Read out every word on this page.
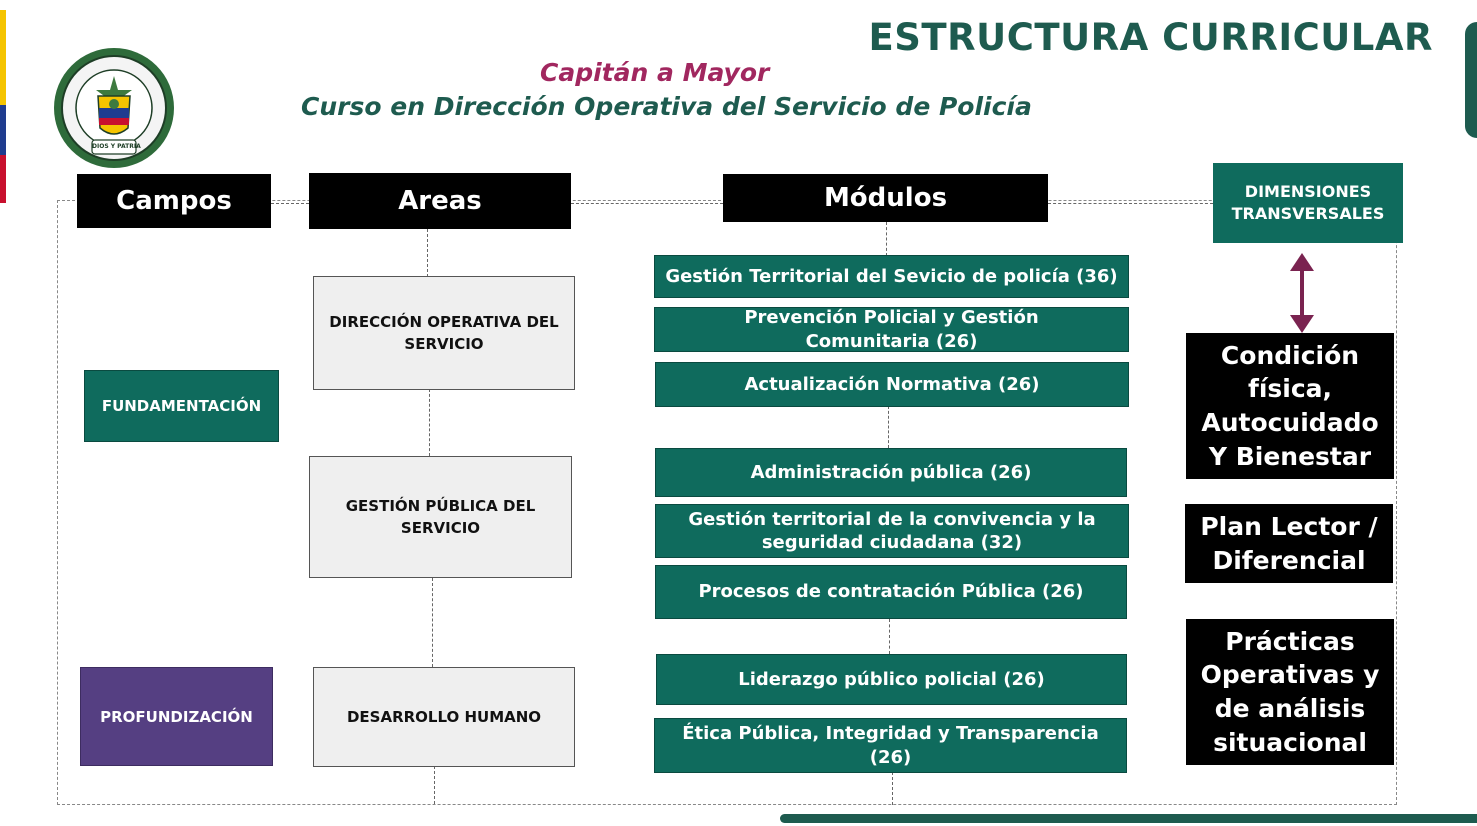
DIOS Y PATRIA
ESTRUCTURA CURRICULAR
Capitán a Mayor
Curso en Dirección Operativa del Servicio de Policía
Campos	Areas	Módulos	DIMENSIONES TRANSVERSALES
FUNDAMENTACIÓN
PROFUNDIZACIÓN
DIRECCIÓN OPERATIVA DEL SERVICIO
GESTIÓN PÚBLICA DEL SERVICIO
DESARROLLO HUMANO
Gestión Territorial del Sevicio de policía (36)
Prevención Policial y Gestión Comunitaria (26)
Actualización Normativa (26)
Administración pública (26)
Gestión territorial de la convivencia y la seguridad ciudadana (32)
Procesos de contratación Pública (26)
Liderazgo público policial (26)
Ética Pública, Integridad y Transparencia (26)
Condición física, Autocuidado Y Bienestar
Plan Lector / Diferencial
Prácticas Operativas y de análisis situacional
